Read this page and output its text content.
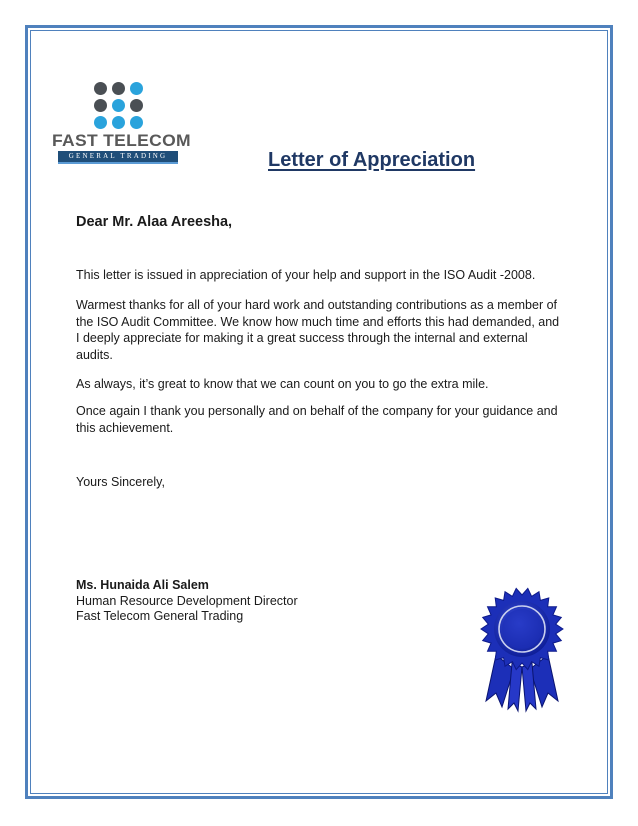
FAST TELECOM
GENERAL TRADING	Letter of Appreciation
Dear Mr. Alaa Areesha,
This letter is issued in appreciation of your help and support in the ISO Audit -2008.
Warmest thanks for all of your hard work and outstanding contributions as a member of the ISO Audit Committee. We know how much time and efforts this had demanded, and I deeply appreciate for making it a great success through the internal and external audits.
As always, it’s great to know that we can count on you to go the extra mile.
Once again I thank you personally and on behalf of the company for your guidance and this achievement.
Yours Sincerely,
Ms. Hunaida Ali Salem
Human Resource Development Director
Fast Telecom General Trading
